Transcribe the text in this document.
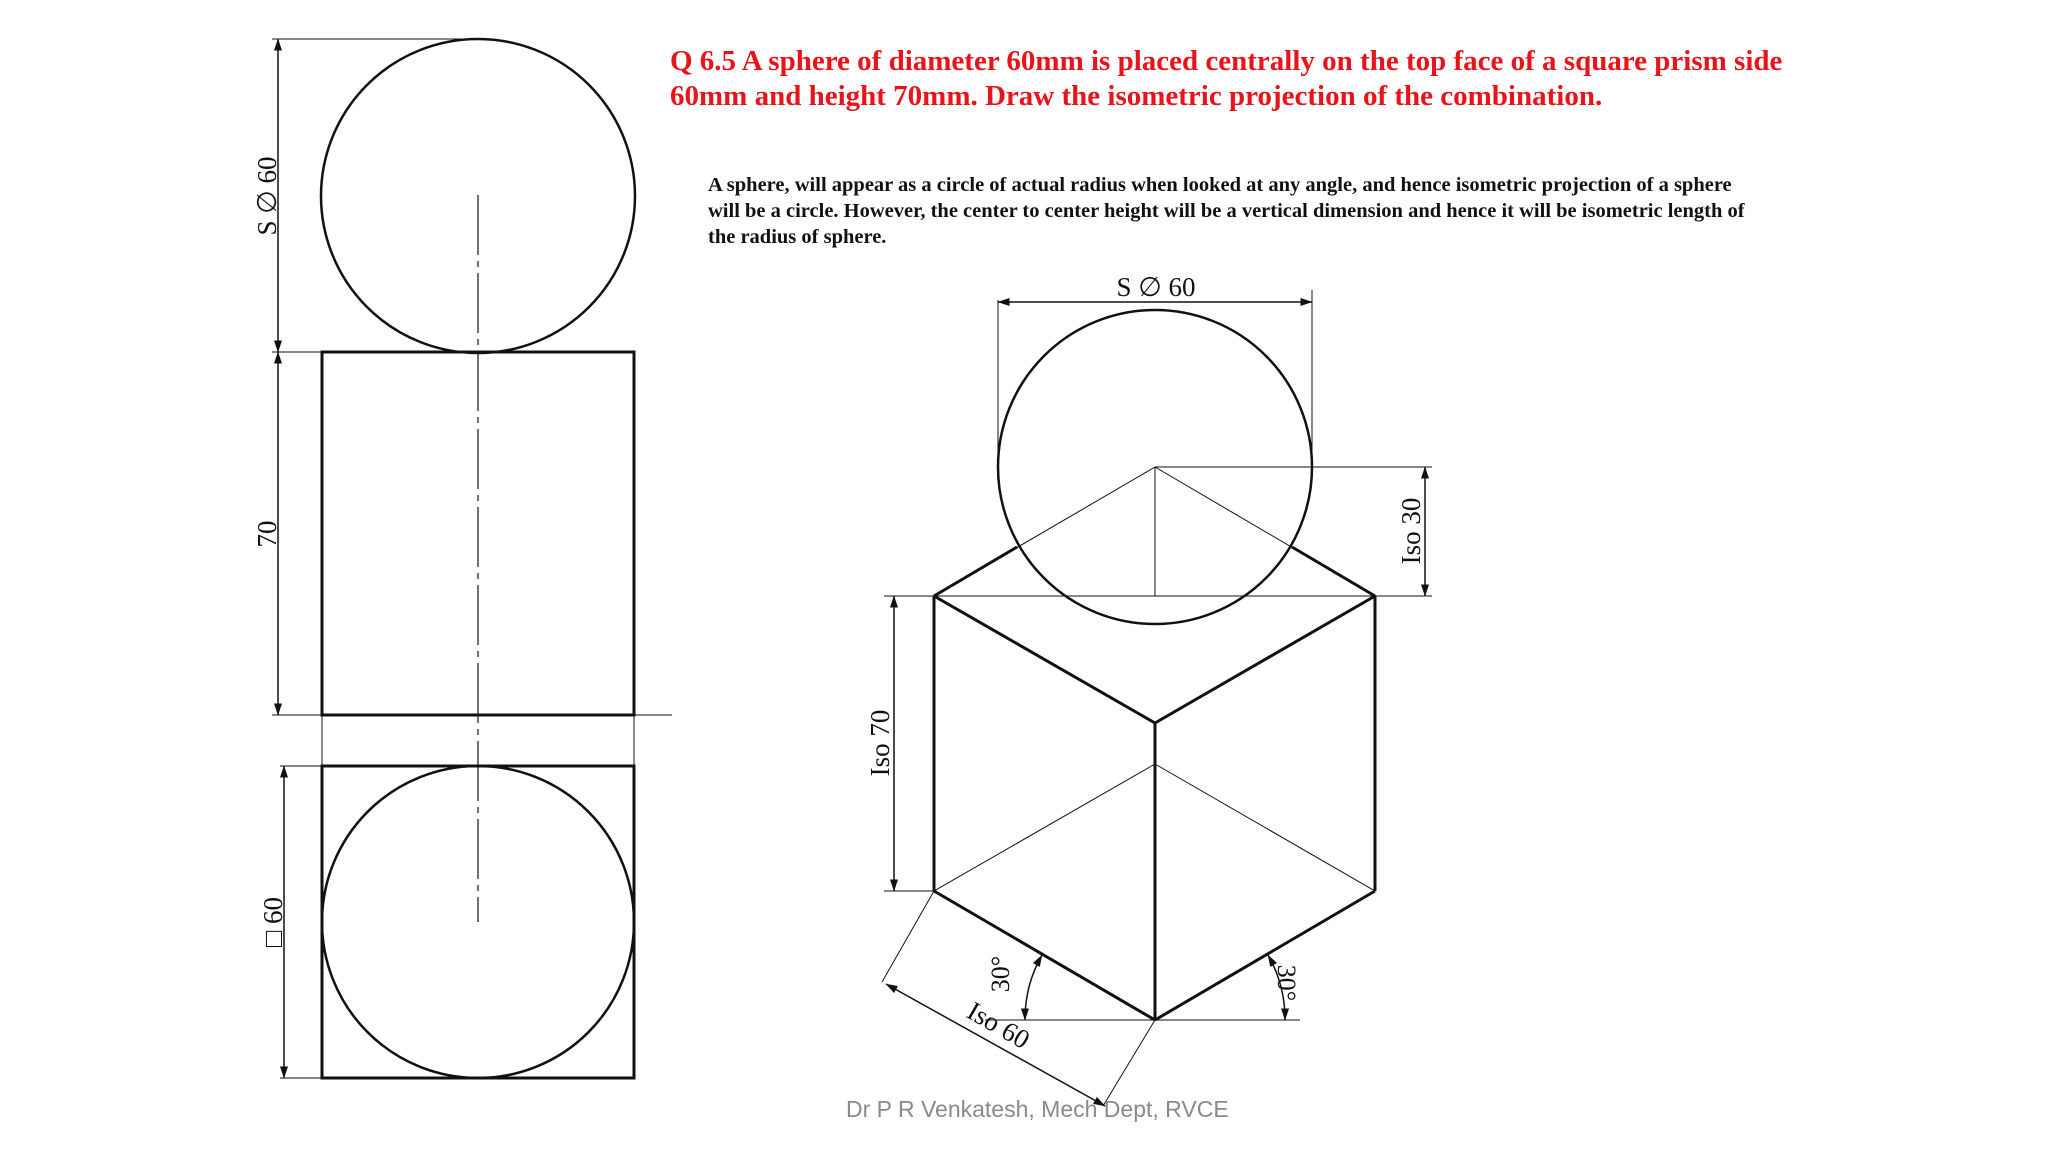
Q 6.5 A sphere of diameter 60mm is placed centrally on the top face of a square prism side 60mm and height 70mm. Draw the isometric projection of the combination.

A sphere, will appear as a circle of actual radius when looked at any angle, and hence isometric projection of a sphere will be a circle. However, the center to center height will be a vertical dimension and hence it will be isometric length of the radius of sphere.

S ∅ 60
70
□ 60
S ∅ 60
Iso 30
Iso 70
Iso 60
30°	30°
Dr P R Venkatesh, Mech Dept, RVCE
